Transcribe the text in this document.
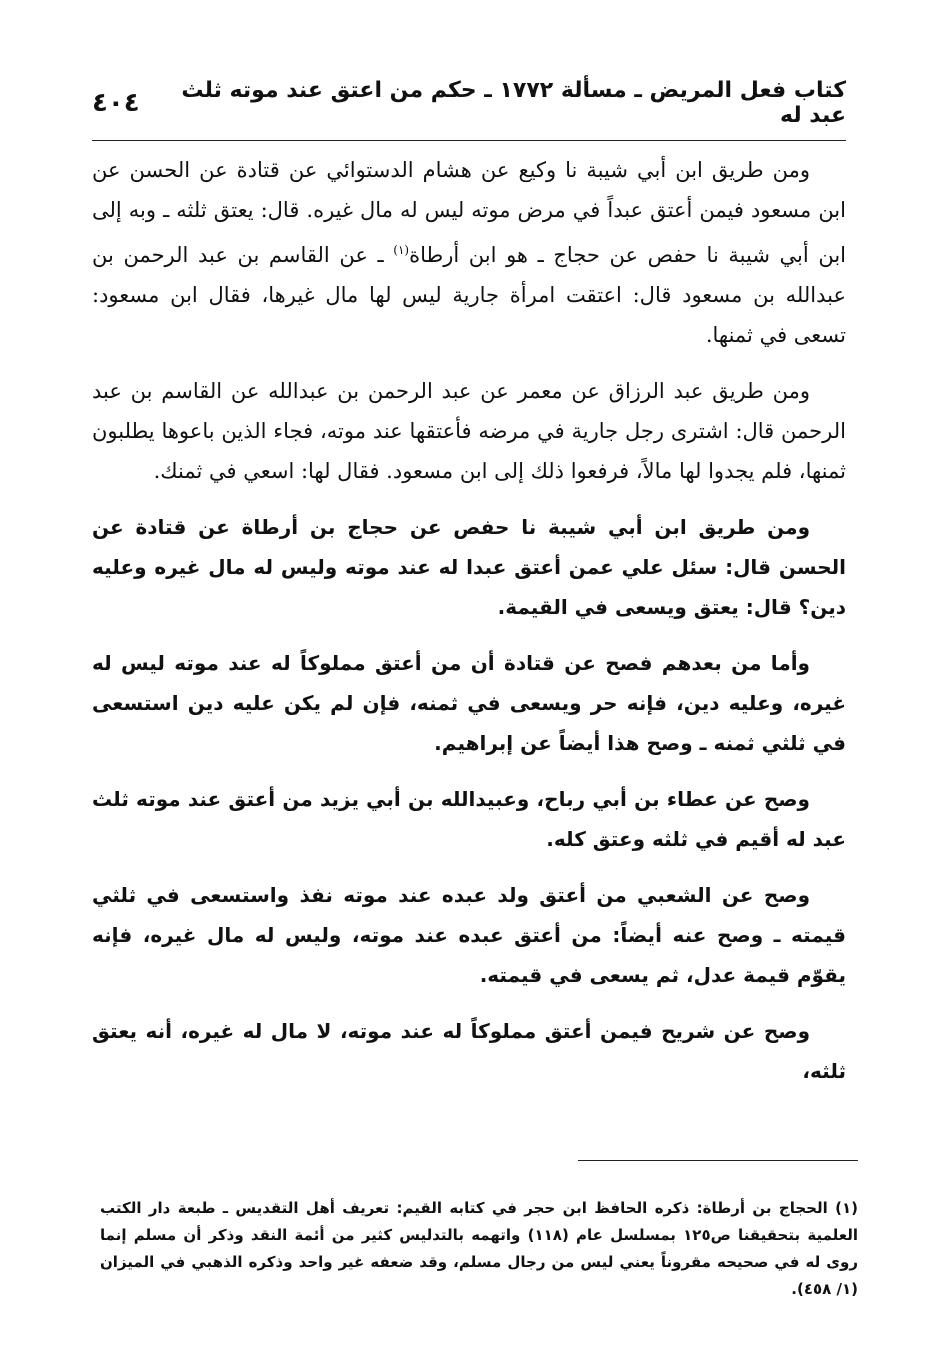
كتاب فعل المريض ـ مسألة ١٧٧٢ ـ حكم من اعتق عند موته ثلث عبد له
٤٠٤

ومن طريق ابن أبي شيبة نا وكيع عن هشام الدستوائي عن قتادة عن الحسن عن ابن مسعود فيمن أعتق عبداً في مرض موته ليس له مال غيره. قال: يعتق ثلثه ـ وبه إلى ابن أبي شيبة نا حفص عن حجاج ـ هو ابن أرطاة$^{(١)}$ ـ عن القاسم بن عبد الرحمن بن عبدالله بن مسعود قال: اعتقت امرأة جارية ليس لها مال غيرها، فقال ابن مسعود: تسعى في ثمنها.

ومن طريق عبد الرزاق عن معمر عن عبد الرحمن بن عبدالله عن القاسم بن عبد الرحمن قال: اشترى رجل جارية في مرضه فأعتقها عند موته، فجاء الذين باعوها يطلبون ثمنها، فلم يجدوا لها مالاً، فرفعوا ذلك إلى ابن مسعود. فقال لها: اسعي في ثمنك.

ومن طريق ابن أبي شيبة نا حفص عن حجاج بن أرطاة عن قتادة عن الحسن قال: سئل علي عمن أعتق عبدا له عند موته وليس له مال غيره وعليه دين؟ قال: يعتق ويسعى في القيمة.

وأما من بعدهم فصح عن قتادة أن من أعتق مملوكاً له عند موته ليس له غيره، وعليه دين، فإنه حر ويسعى في ثمنه، فإن لم يكن عليه دين استسعى في ثلثي ثمنه ـ وصح هذا أيضاً عن إبراهيم.

وصح عن عطاء بن أبي رباح، وعبيدالله بن أبي يزيد من أعتق عند موته ثلث عبد له أقيم في ثلثه وعتق كله.

وصح عن الشعبي من أعتق ولد عبده عند موته نفذ واستسعى في ثلثي قيمته ـ وصح عنه أيضاً: من أعتق عبده عند موته، وليس له مال غيره، فإنه يقوّم قيمة عدل، ثم يسعى في قيمته.

وصح عن شريح فيمن أعتق مملوكاً له عند موته، لا مال له غيره، أنه يعتق ثلثه،

(١) الحجاج بن أرطاة: ذكره الحافظ ابن حجر في كتابه القيم: تعريف أهل التقديس ـ طبعة دار الكتب العلمية بتحقيقنا ص١٢٥ بمسلسل عام (١١٨) واتهمه بالتدليس كثير من أئمة النقد وذكر أن مسلم إنما روى له في صحيحه مقروناً يعني ليس من رجال مسلم، وقد ضعفه غير واحد وذكره الذهبي في الميزان (١/ ٤٥٨).
